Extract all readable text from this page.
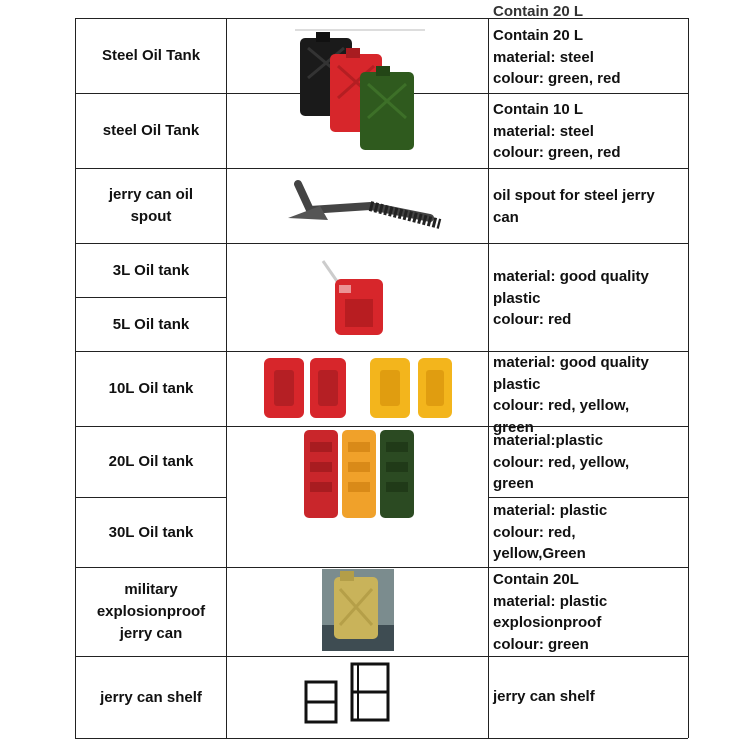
Contain 20 L
Steel Oil Tank
steel Oil Tank
jerry can oil
spout
3L Oil tank
5L Oil tank
10L Oil tank
20L Oil tank
30L Oil tank
military
explosionproof
jerry can
jerry can shelf
Contain 20 L
material: steel
colour: green, red
Contain 10 L
material: steel
colour: green, red
oil spout for steel jerry
can
material: good quality
plastic
colour: red
material: good quality
plastic
colour: red, yellow,
green
material:plastic
colour: red, yellow,
green
material: plastic
colour: red,
yellow,Green
Contain 20L
material: plastic
explosionproof
colour: green
jerry can shelf
